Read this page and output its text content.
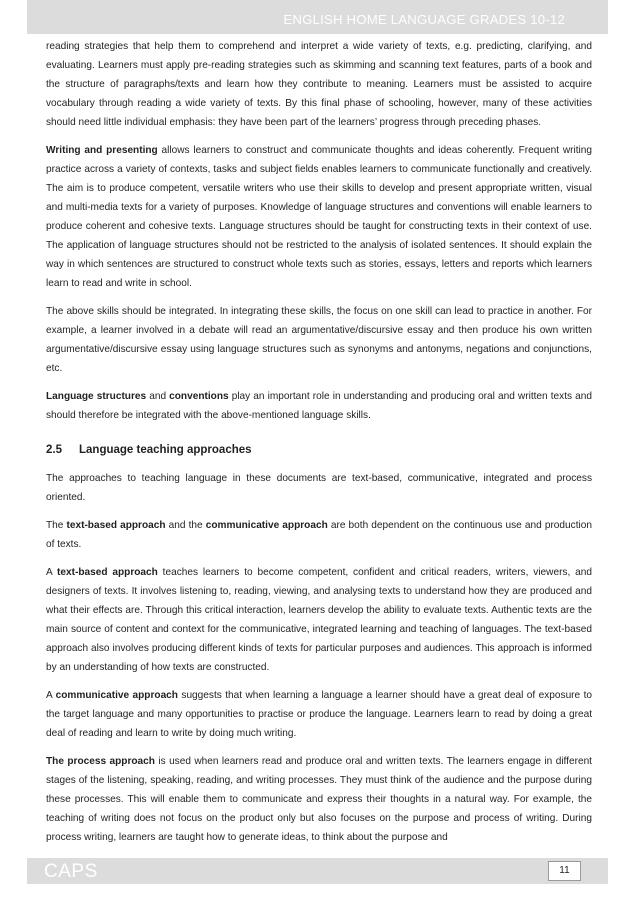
ENGLISH HOME LANGUAGE GRADES 10-12

reading strategies that help them to comprehend and interpret a wide variety of texts, e.g. predicting, clarifying, and evaluating. Learners must apply pre-reading strategies such as skimming and scanning text features, parts of a book and the structure of paragraphs/texts and learn how they contribute to meaning. Learners must be assisted to acquire vocabulary through reading a wide variety of texts. By this final phase of schooling, however, many of these activities should need little individual emphasis: they have been part of the learners’ progress through preceding phases.

Writing and presenting allows learners to construct and communicate thoughts and ideas coherently. Frequent writing practice across a variety of contexts, tasks and subject fields enables learners to communicate functionally and creatively. The aim is to produce competent, versatile writers who use their skills to develop and present appropriate written, visual and multi-media texts for a variety of purposes. Knowledge of language structures and conventions will enable learners to produce coherent and cohesive texts. Language structures should be taught for constructing texts in their context of use. The application of language structures should not be restricted to the analysis of isolated sentences. It should explain the way in which sentences are structured to construct whole texts such as stories, essays, letters and reports which learners learn to read and write in school.

The above skills should be integrated. In integrating these skills, the focus on one skill can lead to practice in another. For example, a learner involved in a debate will read an argumentative/discursive essay and then produce his own written argumentative/discursive essay using language structures such as synonyms and antonyms, negations and conjunctions, etc.

Language structures and conventions play an important role in understanding and producing oral and written texts and should therefore be integrated with the above-mentioned language skills.

2.5 Language teaching approaches

The approaches to teaching language in these documents are text-based, communicative, integrated and process oriented.

The text-based approach and the communicative approach are both dependent on the continuous use and production of texts.

A text-based approach teaches learners to become competent, confident and critical readers, writers, viewers, and designers of texts. It involves listening to, reading, viewing, and analysing texts to understand how they are produced and what their effects are. Through this critical interaction, learners develop the ability to evaluate texts. Authentic texts are the main source of content and context for the communicative, integrated learning and teaching of languages. The text-based approach also involves producing different kinds of texts for particular purposes and audiences. This approach is informed by an understanding of how texts are constructed.

A communicative approach suggests that when learning a language a learner should have a great deal of exposure to the target language and many opportunities to practise or produce the language. Learners learn to read by doing a great deal of reading and learn to write by doing much writing.

The process approach is used when learners read and produce oral and written texts. The learners engage in different stages of the listening, speaking, reading, and writing processes. They must think of the audience and the purpose during these processes. This will enable them to communicate and express their thoughts in a natural way. For example, the teaching of writing does not focus on the product only but also focuses on the purpose and process of writing. During process writing, learners are taught how to generate ideas, to think about the purpose and

CAPS	11
